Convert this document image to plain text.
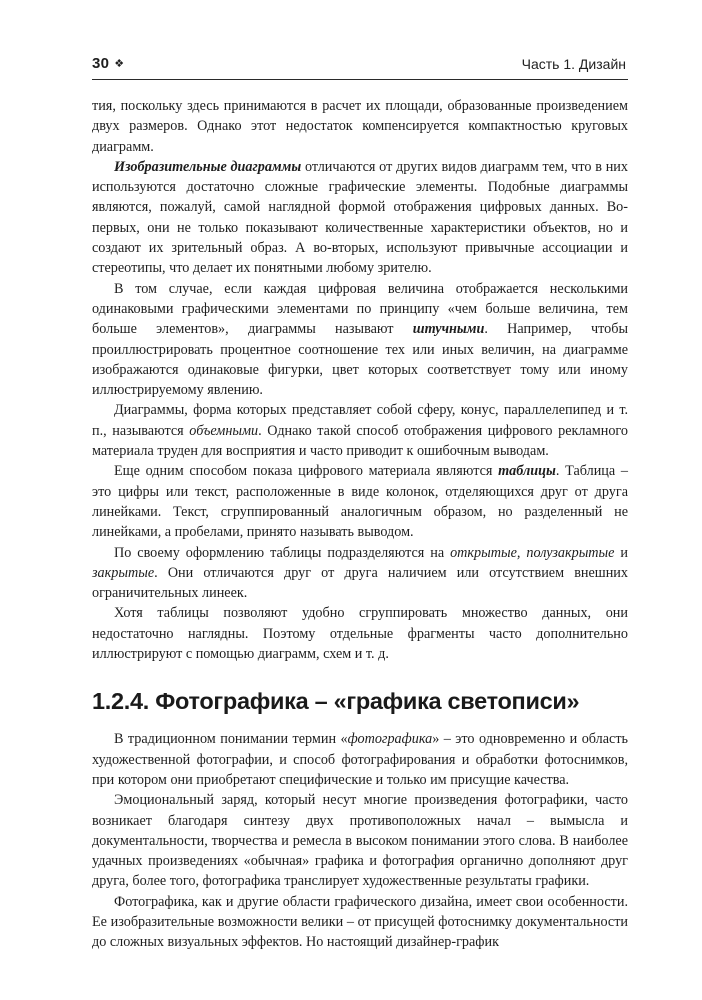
30 ❖	Часть 1. Дизайн

тия, поскольку здесь принимаются в расчет их площади, образованные произведением двух размеров. Однако этот недостаток компенсируется компактностью круговых диаграмм.

Изобразительные диаграммы отличаются от других видов диаграмм тем, что в них используются достаточно сложные графические элементы. Подобные диаграммы являются, пожалуй, самой наглядной формой отображения цифровых данных. Во-первых, они не только показывают количественные характеристики объектов, но и создают их зрительный образ. А во-вторых, используют привычные ассоциации и стереотипы, что делает их понятными любому зрителю.

В том случае, если каждая цифровая величина отображается несколькими одинаковыми графическими элементами по принципу «чем больше величина, тем больше элементов», диаграммы называют штучными. Например, чтобы проиллюстрировать процентное соотношение тех или иных величин, на диаграмме изображаются одинаковые фигурки, цвет которых соответствует тому или иному иллюстрируемому явлению.

Диаграммы, форма которых представляет собой сферу, конус, параллелепипед и т. п., называются объемными. Однако такой способ отображения цифрового рекламного материала труден для восприятия и часто приводит к ошибочным выводам.

Еще одним способом показа цифрового материала являются таблицы. Таблица – это цифры или текст, расположенные в виде колонок, отделяющихся друг от друга линейками. Текст, сгруппированный аналогичным образом, но разделенный не линейками, а пробелами, принято называть выводом.

По своему оформлению таблицы подразделяются на открытые, полузакрытые и закрытые. Они отличаются друг от друга наличием или отсутствием внешних ограничительных линеек.

Хотя таблицы позволяют удобно сгруппировать множество данных, они недостаточно наглядны. Поэтому отдельные фрагменты часто дополнительно иллюстрируют с помощью диаграмм, схем и т. д.

1.2.4. Фотографика – «графика светописи»

В традиционном понимании термин «фотографика» – это одновременно и область художественной фотографии, и способ фотографирования и обработки фотоснимков, при котором они приобретают специфические и только им присущие качества.

Эмоциональный заряд, который несут многие произведения фотографики, часто возникает благодаря синтезу двух противоположных начал – вымысла и документальности, творчества и ремесла в высоком понимании этого слова. В наиболее удачных произведениях «обычная» графика и фотография органично дополняют друг друга, более того, фотографика транслирует художественные результаты графики.

Фотографика, как и другие области графического дизайна, имеет свои особенности. Ее изобразительные возможности велики – от присущей фотоснимку документальности до сложных визуальных эффектов. Но настоящий дизайнер-график
